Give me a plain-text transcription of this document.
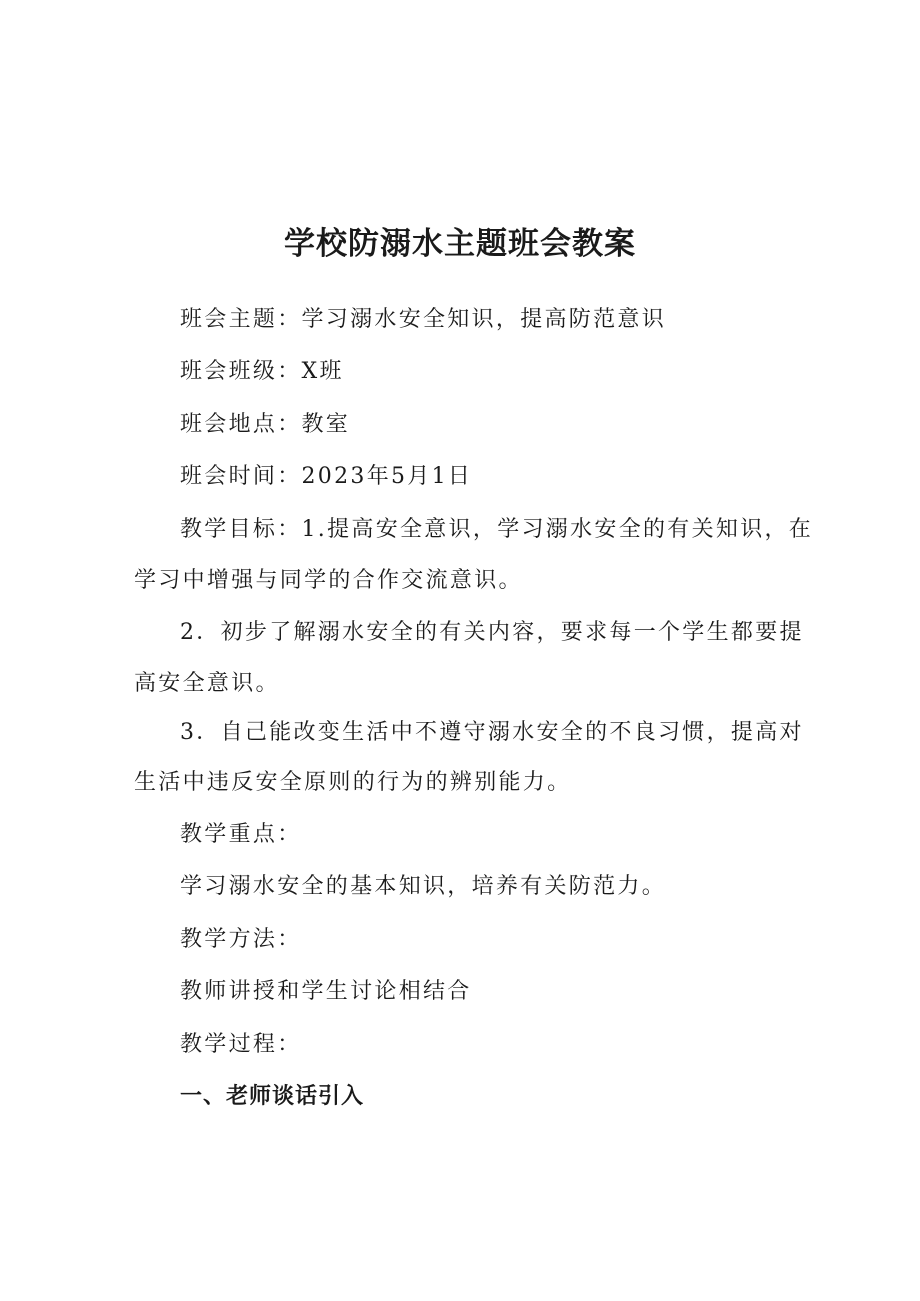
学校防溺水主题班会教案
班会主题：学习溺水安全知识，提高防范意识
班会班级：X班
班会地点：教室
班会时间：2023年5月1日
教学目标：1.提高安全意识，学习溺水安全的有关知识，在
学习中增强与同学的合作交流意识。
2．初步了解溺水安全的有关内容，要求每一个学生都要提
高安全意识。
3．自己能改变生活中不遵守溺水安全的不良习惯，提高对
生活中违反安全原则的行为的辨别能力。
教学重点：
学习溺水安全的基本知识，培养有关防范力。
教学方法：
教师讲授和学生讨论相结合
教学过程：
一、老师谈话引入
